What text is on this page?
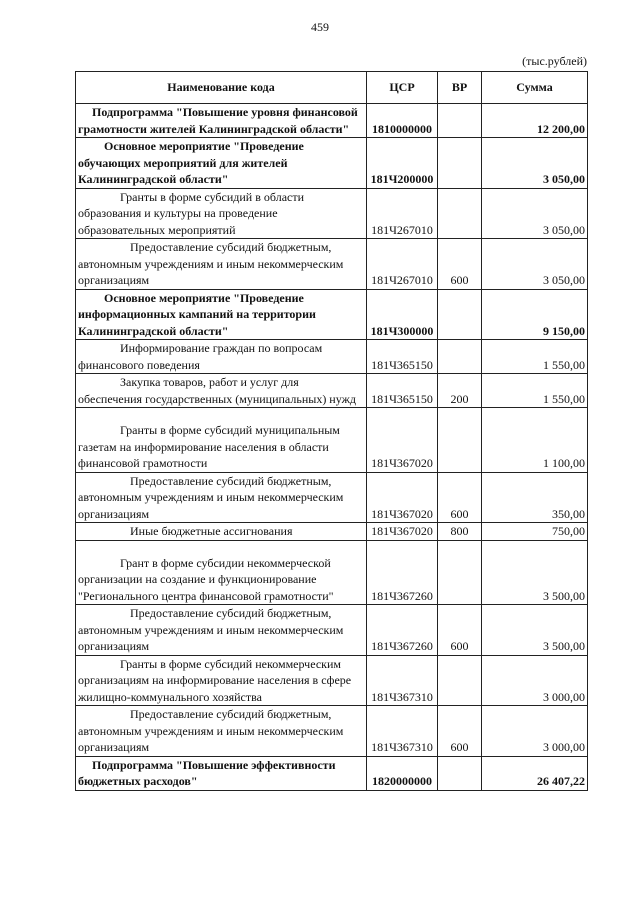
459
(тыс.рублей)
Наименование кода	ЦСР	ВР	Сумма
Подпрограмма "Повышение уровня финансовой грамотности жителей Калининградской области"	1810000000		12 200,00
Основное мероприятие "Проведение обучающих мероприятий для жителей Калининградской области"	181Ч200000		3 050,00
Гранты в форме субсидий в области образования и культуры на проведение образовательных мероприятий	181Ч267010		3 050,00
Предоставление субсидий бюджетным, автономным учреждениям и иным некоммерческим организациям	181Ч267010	600	3 050,00
Основное мероприятие "Проведение информационных кампаний на территории Калининградской области"	181Ч300000		9 150,00
Информирование граждан по вопросам финансового поведения	181Ч365150		1 550,00
Закупка товаров, работ и услуг для обеспечения государственных (муниципальных) нужд	181Ч365150	200	1 550,00
Гранты в форме субсидий муниципальным газетам на информирование населения в области финансовой грамотности	181Ч367020		1 100,00
Предоставление субсидий бюджетным, автономным учреждениям и иным некоммерческим организациям	181Ч367020	600	350,00
Иные бюджетные ассигнования	181Ч367020	800	750,00
Грант в форме субсидии некоммерческой организации на создание и функционирование "Регионального центра финансовой грамотности"	181Ч367260		3 500,00
Предоставление субсидий бюджетным, автономным учреждениям и иным некоммерческим организациям	181Ч367260	600	3 500,00
Гранты в форме субсидий некоммерческим организациям на информирование населения в сфере жилищно-коммунального хозяйства	181Ч367310		3 000,00
Предоставление субсидий бюджетным, автономным учреждениям и иным некоммерческим организациям	181Ч367310	600	3 000,00
Подпрограмма "Повышение эффективности бюджетных расходов"	1820000000		26 407,22
